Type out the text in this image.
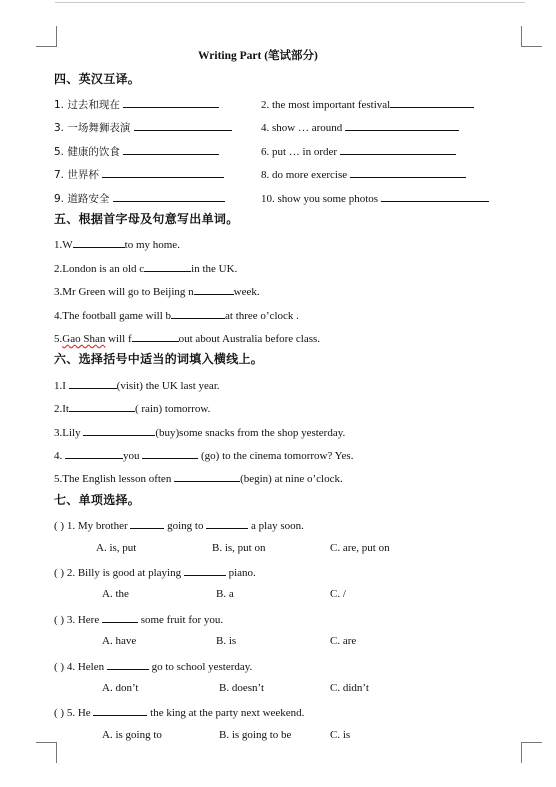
Writing Part (笔试部分)
四、英汉互译。
1. 过去和现在	2. the most important festival
3. 一场舞狮表演	4. show … around
5. 健康的饮食	6. put … in order
7. 世界杯	8. do more exercise
9. 道路安全	10. show you some photos
五、根据首字母及句意写出单词。
1.W	to my home.
2.London is an old c	in the UK.
3.Mr Green will go to Beijing n	week.
4.The football game will b	at three o’clock .
5.Gao Shan will f	out about Australia before class.
六、选择括号中适当的词填入横线上。
1.I	(visit) the UK last year.
2.It	( rain) tomorrow.
3.Lily	(buy)some snacks from the shop yesterday.
4.	you	(go) to the cinema tomorrow? Yes.
5.The English lesson often	(begin) at nine o’clock.
七、单项选择。
( ) 1. My brother	going to	a play soon.
A. is, put	B. is, put on	C. are, put on
( ) 2. Billy is good at playing	piano.
A. the	B. a	C. /
( ) 3. Here	some fruit for you.
A. have	B. is	C. are
( ) 4. Helen	go to school yesterday.
A. don’t	B. doesn’t	C. didn’t
( ) 5. He	the king at the party next weekend.
A. is going to	B. is going to be	C. is
